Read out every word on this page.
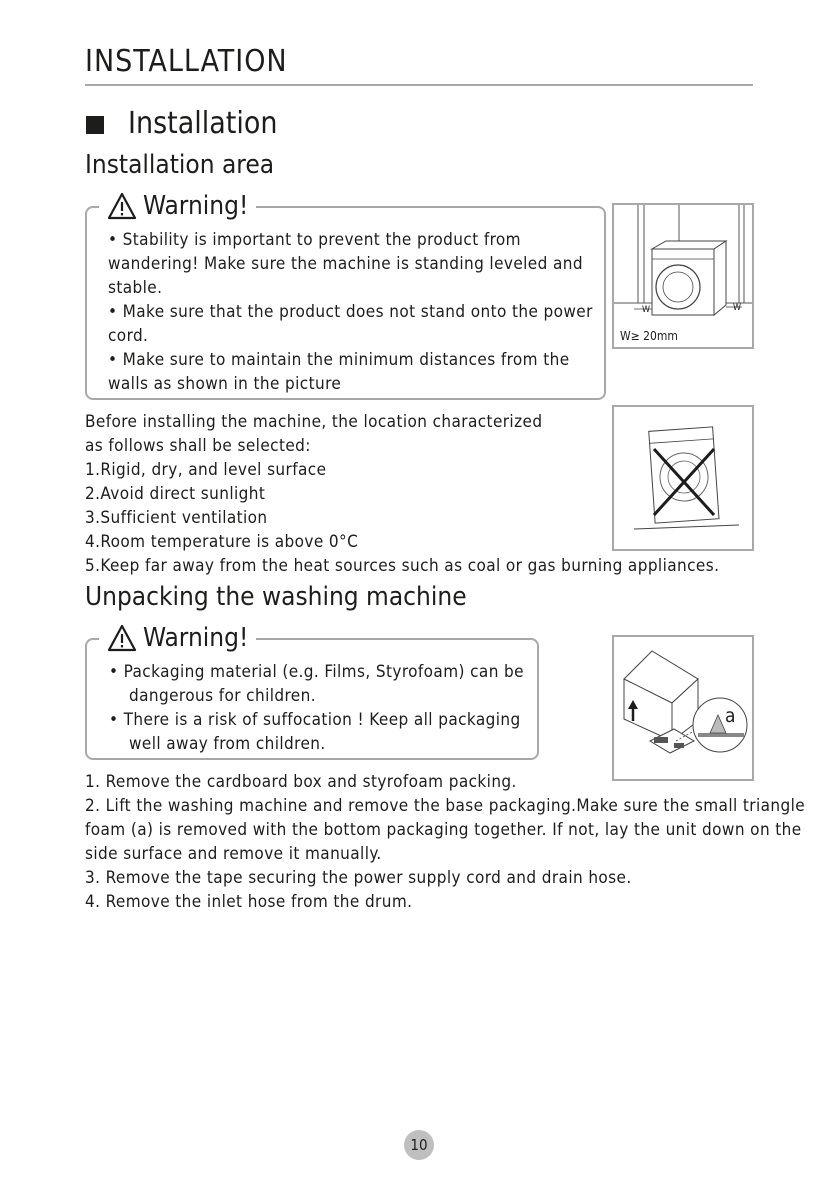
INSTALLATION
Installation
Installation area
Warning!
• Stability is important to prevent the product from wandering! Make sure the machine is standing leveled and stable.
• Make sure that the product does not stand onto the power cord.
• Make sure to maintain the minimum distances from the walls as shown in the picture
W	W
W≥ 20mm

Before installing the machine, the location characterized as follows shall be selected:

1.Rigid, dry, and level surface
2.Avoid direct sunlight
3.Sufficient ventilation
4.Room temperature is above 0°C
5.Keep far away from the heat sources such as coal or gas burning appliances.
Unpacking the washing machine
Warning!
• Packaging material (e.g. Films, Styrofoam) can be dangerous for children.
• There is a risk of suffocation ! Keep all packaging well away from children.
a
1. Remove the cardboard box and styrofoam packing.
2. Lift the washing machine and remove the base packaging.Make sure the small triangle foam (a) is removed with the bottom packaging together. If not, lay the unit down on the side surface and remove it manually.
3. Remove the tape securing the power supply cord and drain hose.
4. Remove the inlet hose from the drum.
10
